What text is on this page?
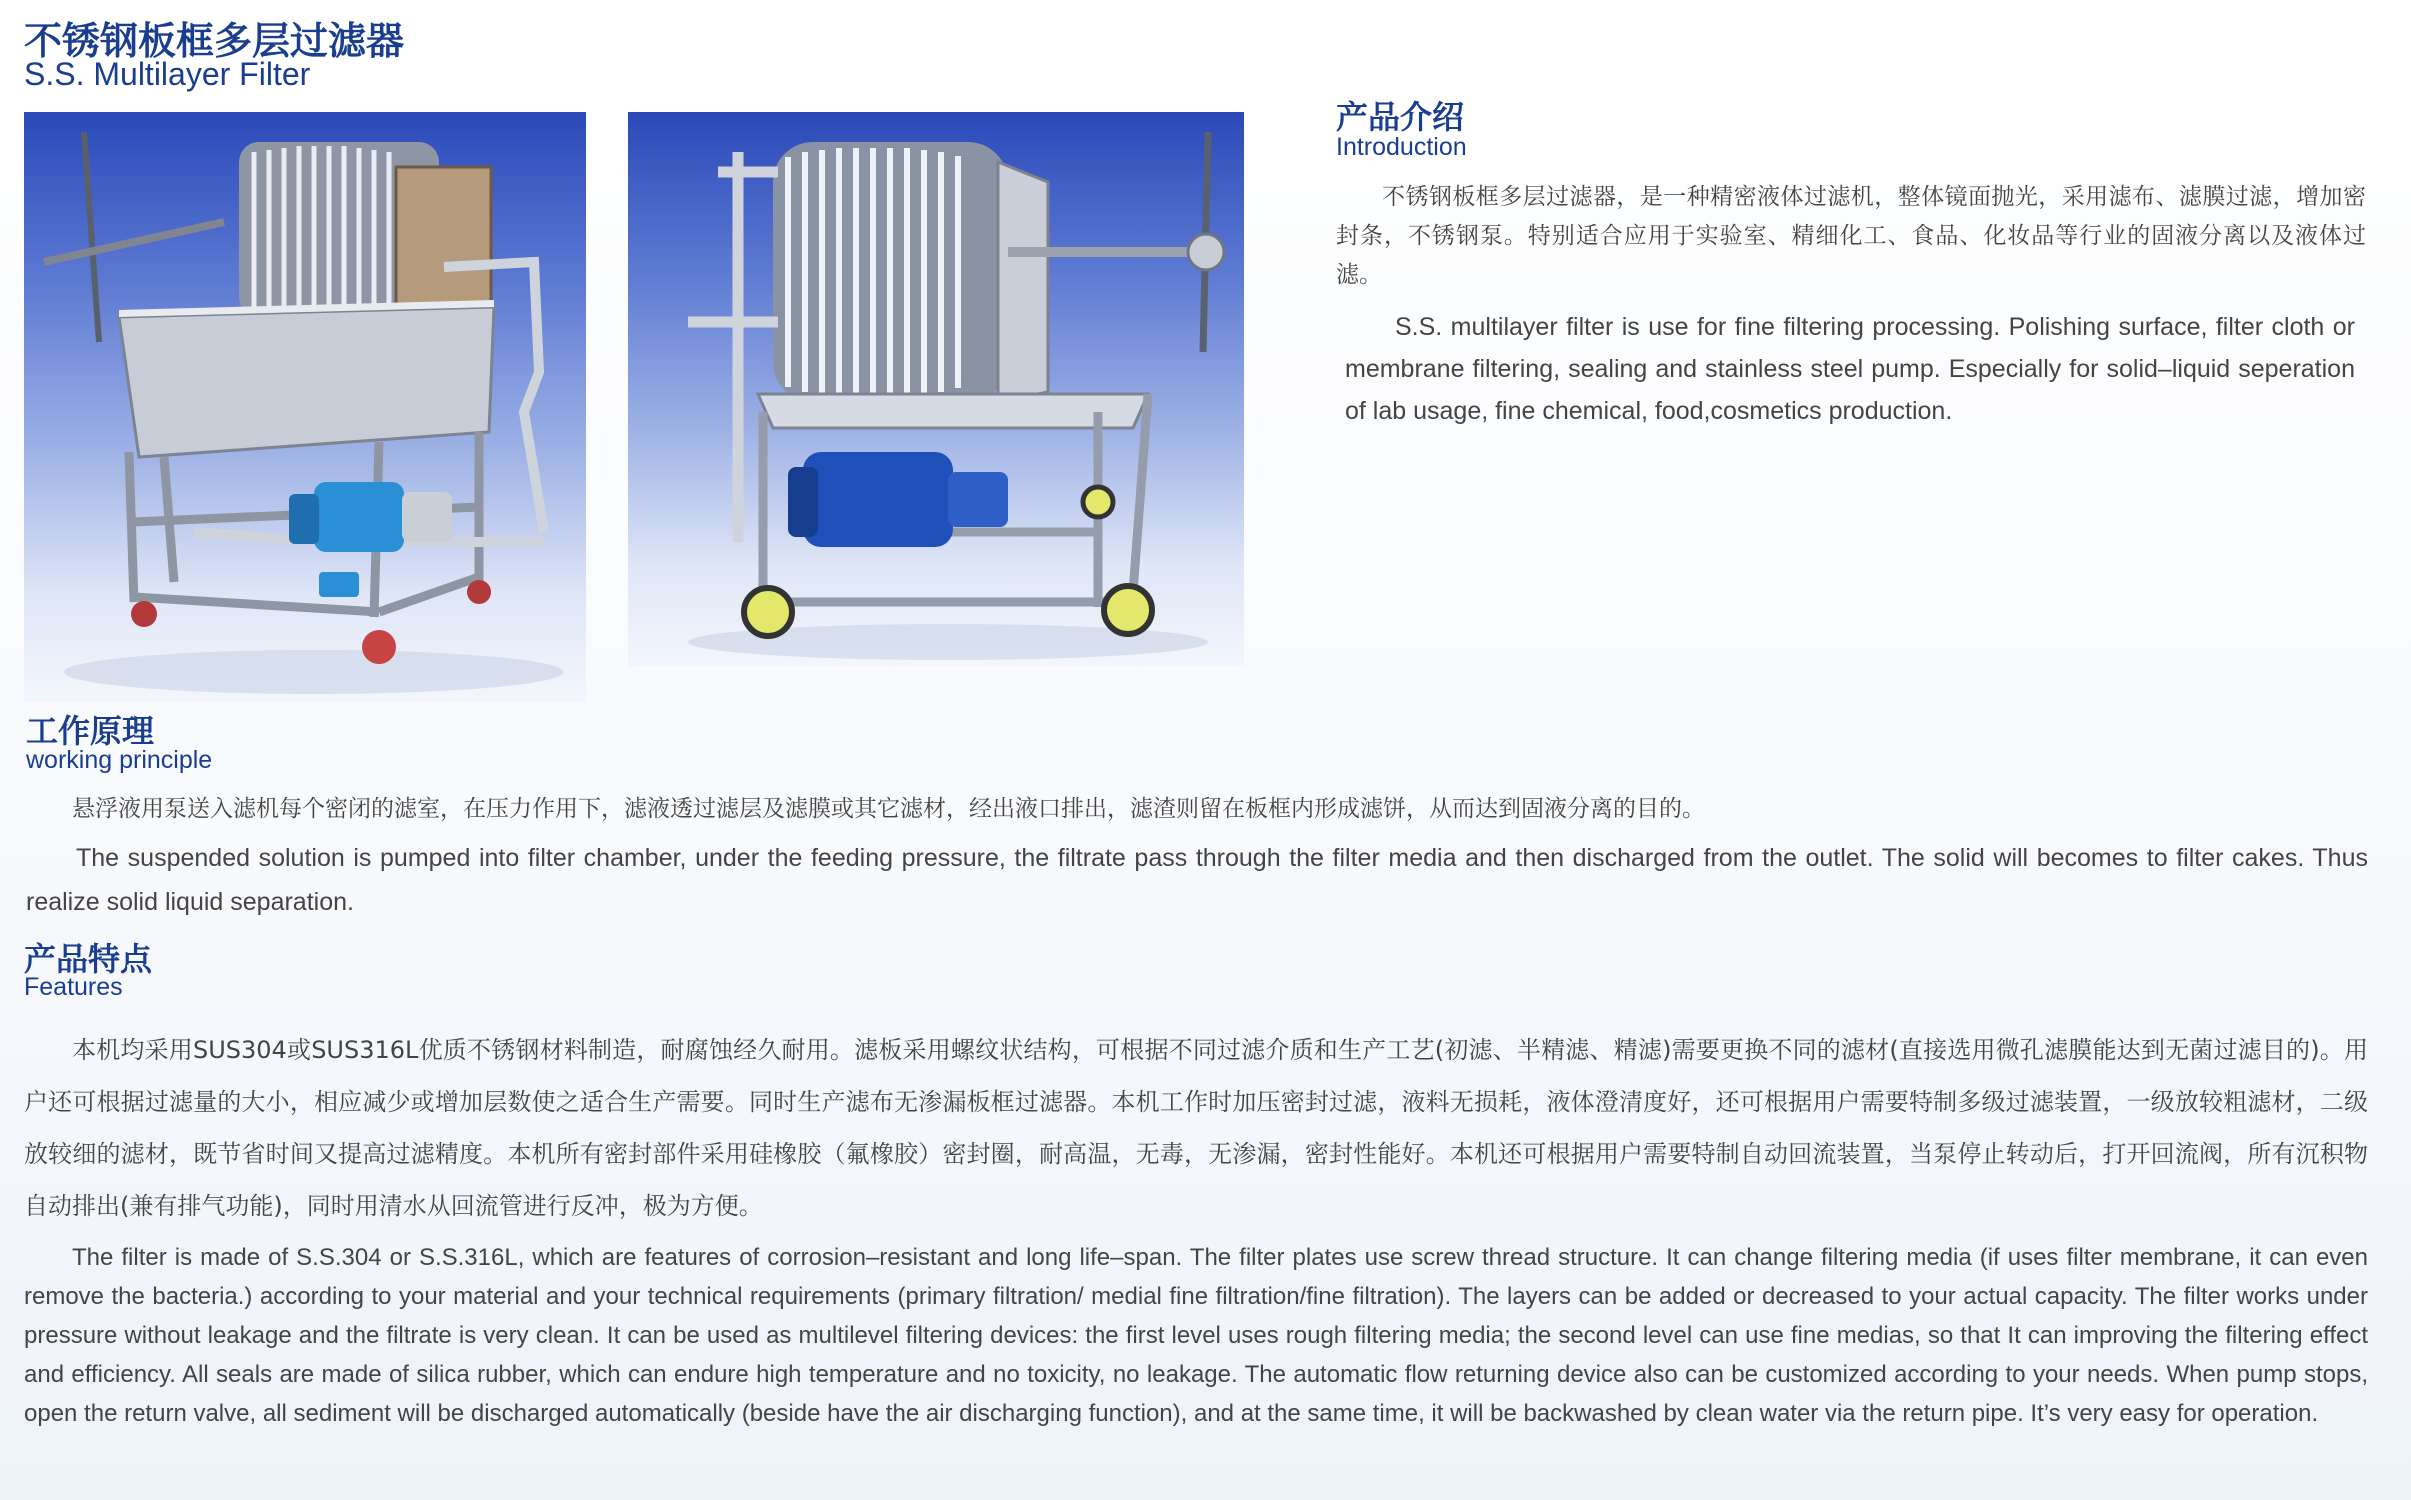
不锈钢板框多层过滤器
S.S. Multilayer Filter
产品介绍
Introduction
不锈钢板框多层过滤器，是一种精密液体过滤机，整体镜面抛光，采用滤布、滤膜过滤，增加密封条，不锈钢泵。特别适合应用于实验室、精细化工、食品、化妆品等行业的固液分离以及液体过滤。
S.S. multilayer filter is use for fine filtering processing. Polishing surface, filter cloth or membrane filtering, sealing and stainless steel pump. Especially for solid–liquid seperation of lab usage, fine chemical, food,cosmetics production.
工作原理
working principle
悬浮液用泵送入滤机每个密闭的滤室，在压力作用下，滤液透过滤层及滤膜或其它滤材，经出液口排出，滤渣则留在板框内形成滤饼，从而达到固液分离的目的。
The suspended solution is pumped into filter chamber, under the feeding pressure, the filtrate pass through the filter media and then discharged from the outlet. The solid will becomes to filter cakes. Thus realize solid liquid separation.
产品特点
Features
本机均采用SUS304或SUS316L优质不锈钢材料制造，耐腐蚀经久耐用。滤板采用螺纹状结构，可根据不同过滤介质和生产工艺(初滤、半精滤、精滤)需要更换不同的滤材(直接选用微孔滤膜能达到无菌过滤目的)。用户还可根据过滤量的大小，相应减少或增加层数使之适合生产需要。同时生产滤布无渗漏板框过滤器。本机工作时加压密封过滤，液料无损耗，液体澄清度好，还可根据用户需要特制多级过滤装置，一级放较粗滤材，二级放较细的滤材，既节省时间又提高过滤精度。本机所有密封部件采用硅橡胶（氟橡胶）密封圈，耐高温，无毒，无渗漏，密封性能好。本机还可根据用户需要特制自动回流装置，当泵停止转动后，打开回流阀，所有沉积物自动排出(兼有排气功能)，同时用清水从回流管进行反冲，极为方便。
The filter is made of S.S.304 or S.S.316L, which are features of corrosion–resistant and long life–span. The filter plates use screw thread structure. It can change filtering media (if uses filter membrane, it can even remove the bacteria.) according to your material and your technical requirements (primary filtration/ medial fine filtration/fine filtration). The layers can be added or decreased to your actual capacity. The filter works under pressure without leakage and the filtrate is very clean. It can be used as multilevel filtering devices: the first level uses rough filtering media; the second level can use fine medias, so that It can improving the filtering effect and efficiency. All seals are made of silica rubber, which can endure high temperature and no toxicity, no leakage. The automatic flow returning device also can be customized according to your needs. When pump stops, open the return valve, all sediment will be discharged automatically (beside have the air discharging function), and at the same time, it will be backwashed by clean water via the return pipe. It’s very easy for operation.
